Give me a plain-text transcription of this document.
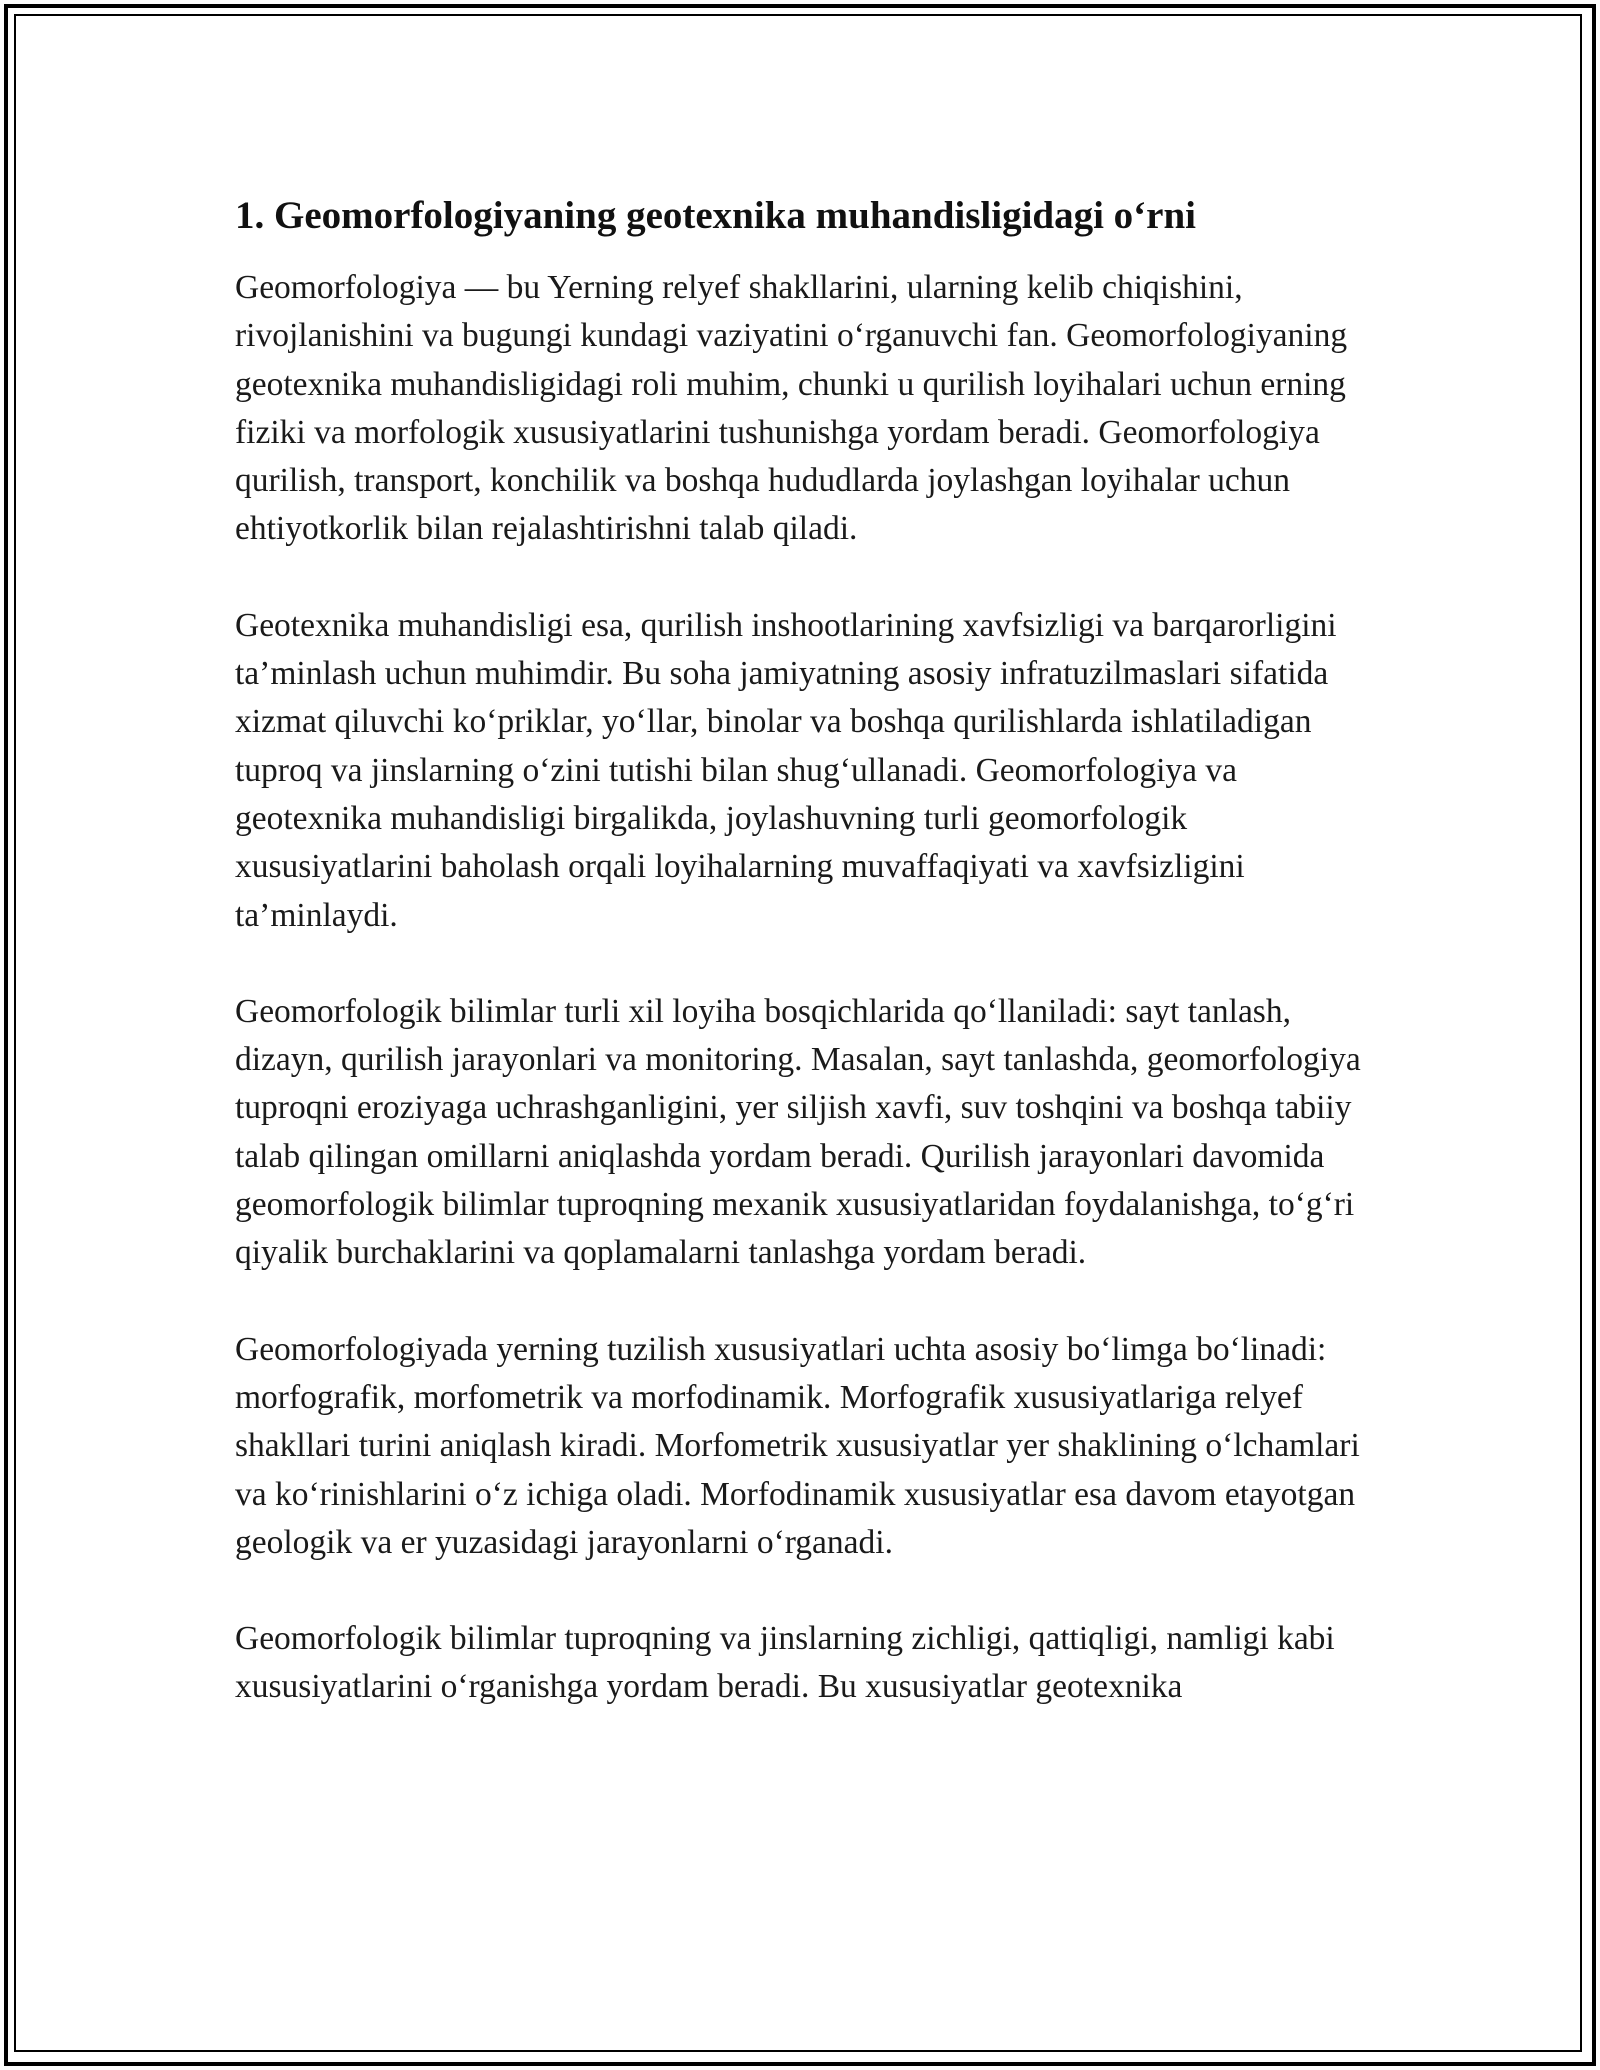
1. Geomorfologiyaning geotexnika muhandisligidagi o‘rni

Geomorfologiya — bu Yerning relyef shakllarini, ularning kelib chiqishini, rivojlanishini va bugungi kundagi vaziyatini o‘rganuvchi fan. Geomorfologiyaning geotexnika muhandisligidagi roli muhim, chunki u qurilish loyihalari uchun erning fiziki va morfologik xususiyatlarini tushunishga yordam beradi. Geomorfologiya qurilish, transport, konchilik va boshqa hududlarda joylashgan loyihalar uchun ehtiyotkorlik bilan rejalashtirishni talab qiladi.

Geotexnika muhandisligi esa, qurilish inshootlarining xavfsizligi va barqarorligini ta’minlash uchun muhimdir. Bu soha jamiyatning asosiy infratuzilmaslari sifatida xizmat qiluvchi ko‘priklar, yo‘llar, binolar va boshqa qurilishlarda ishlatiladigan tuproq va jinslarning o‘zini tutishi bilan shug‘ullanadi. Geomorfologiya va geotexnika muhandisligi birgalikda, joylashuvning turli geomorfologik xususiyatlarini baholash orqali loyihalarning muvaffaqiyati va xavfsizligini ta’minlaydi.

Geomorfologik bilimlar turli xil loyiha bosqichlarida qo‘llaniladi: sayt tanlash, dizayn, qurilish jarayonlari va monitoring. Masalan, sayt tanlashda, geomorfologiya tuproqni eroziyaga uchrashganligini, yer siljish xavfi, suv toshqini va boshqa tabiiy talab qilingan omillarni aniqlashda yordam beradi. Qurilish jarayonlari davomida geomorfologik bilimlar tuproqning mexanik xususiyatlaridan foydalanishga, to‘g‘ri qiyalik burchaklarini va qoplamalarni tanlashga yordam beradi.

Geomorfologiyada yerning tuzilish xususiyatlari uchta asosiy bo‘limga bo‘linadi: morfografik, morfometrik va morfodinamik. Morfografik xususiyatlariga relyef shakllari turini aniqlash kiradi. Morfometrik xususiyatlar yer shaklining o‘lchamlari va ko‘rinishlarini o‘z ichiga oladi. Morfodinamik xususiyatlar esa davom etayotgan geologik va er yuzasidagi jarayonlarni o‘rganadi.

Geomorfologik bilimlar tuproqning va jinslarning zichligi, qattiqligi, namligi kabi xususiyatlarini o‘rganishga yordam beradi. Bu xususiyatlar geotexnika
